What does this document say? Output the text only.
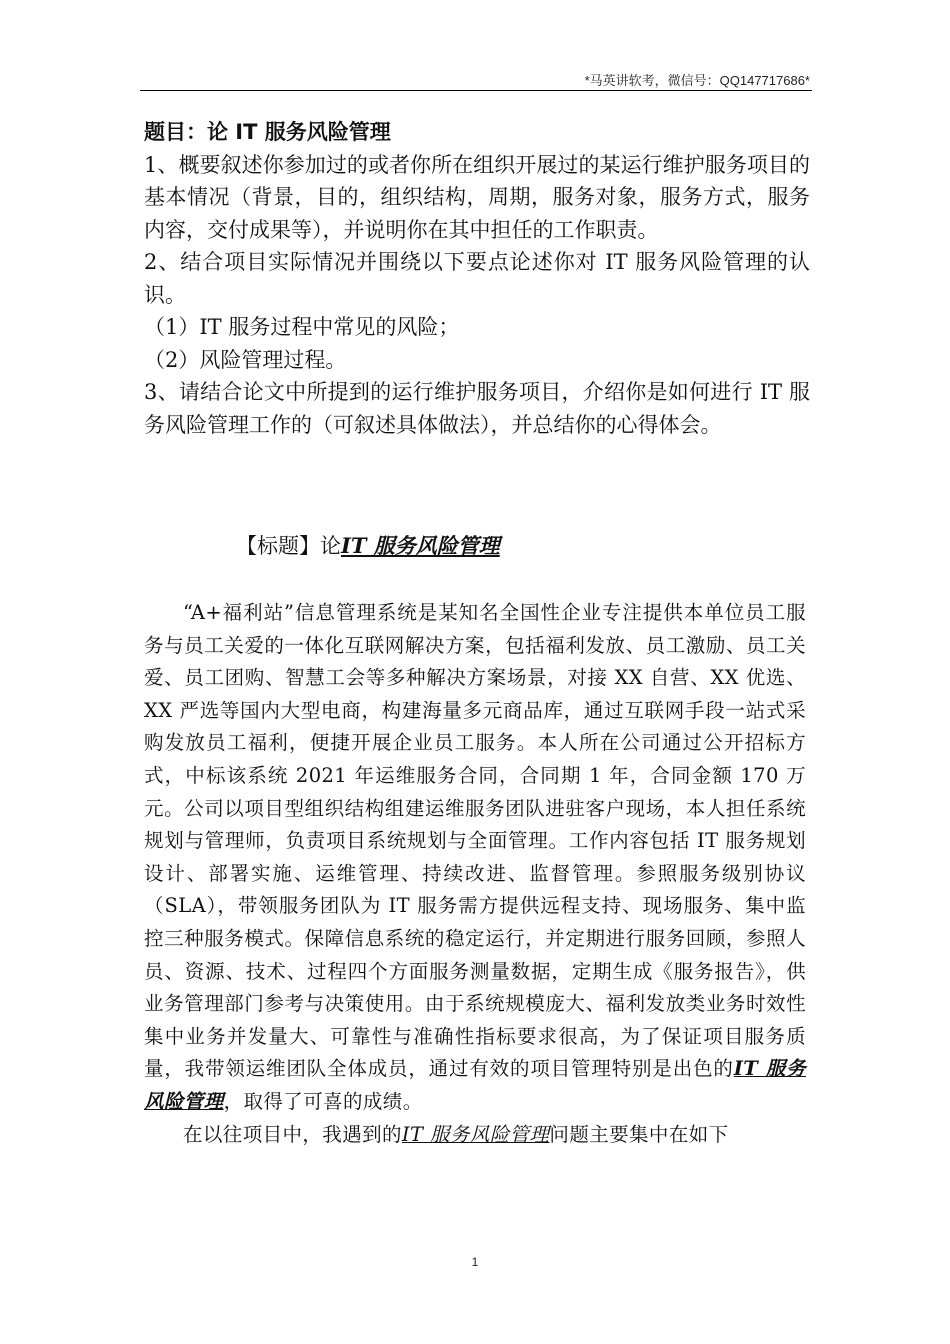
*马英讲软考，微信号：QQ147717686*

题目：论 IT 服务风险管理

1、概要叙述你参加过的或者你所在组织开展过的某运行维护服务项目的基本情况（背景，目的，组织结构，周期，服务对象，服务方式，服务内容，交付成果等），并说明你在其中担任的工作职责。

2、结合项目实际情况并围绕以下要点论述你对 IT 服务风险管理的认识。

（1）IT 服务过程中常见的风险；

（2）风险管理过程。

3、请结合论文中所提到的运行维护服务项目，介绍你是如何进行 IT 服务风险管理工作的（可叙述具体做法），并总结你的心得体会。

【标题】论IT 服务风险管理

“A+福利站”信息管理系统是某知名全国性企业专注提供本单位员工服务与员工关爱的一体化互联网解决方案，包括福利发放、员工激励、员工关爱、员工团购、智慧工会等多种解决方案场景，对接 XX 自营、XX 优选、XX 严选等国内大型电商，构建海量多元商品库，通过互联网手段一站式采购发放员工福利，便捷开展企业员工服务。本人所在公司通过公开招标方式，中标该系统 2021 年运维服务合同，合同期 1 年，合同金额 170 万元。公司以项目型组织结构组建运维服务团队进驻客户现场，本人担任系统规划与管理师，负责项目系统规划与全面管理。工作内容包括 IT 服务规划设计、部署实施、运维管理、持续改进、监督管理。参照服务级别协议（SLA），带领服务团队为 IT 服务需方提供远程支持、现场服务、集中监控三种服务模式。保障信息系统的稳定运行，并定期进行服务回顾，参照人员、资源、技术、过程四个方面服务测量数据，定期生成《服务报告》，供业务管理部门参考与决策使用。由于系统规模庞大、福利发放类业务时效性集中业务并发量大、可靠性与准确性指标要求很高，为了保证项目服务质量，我带领运维团队全体成员，通过有效的项目管理特别是出色的IT 服务风险管理，取得了可喜的成绩。

在以往项目中，我遇到的IT 服务风险管理问题主要集中在如下

1
